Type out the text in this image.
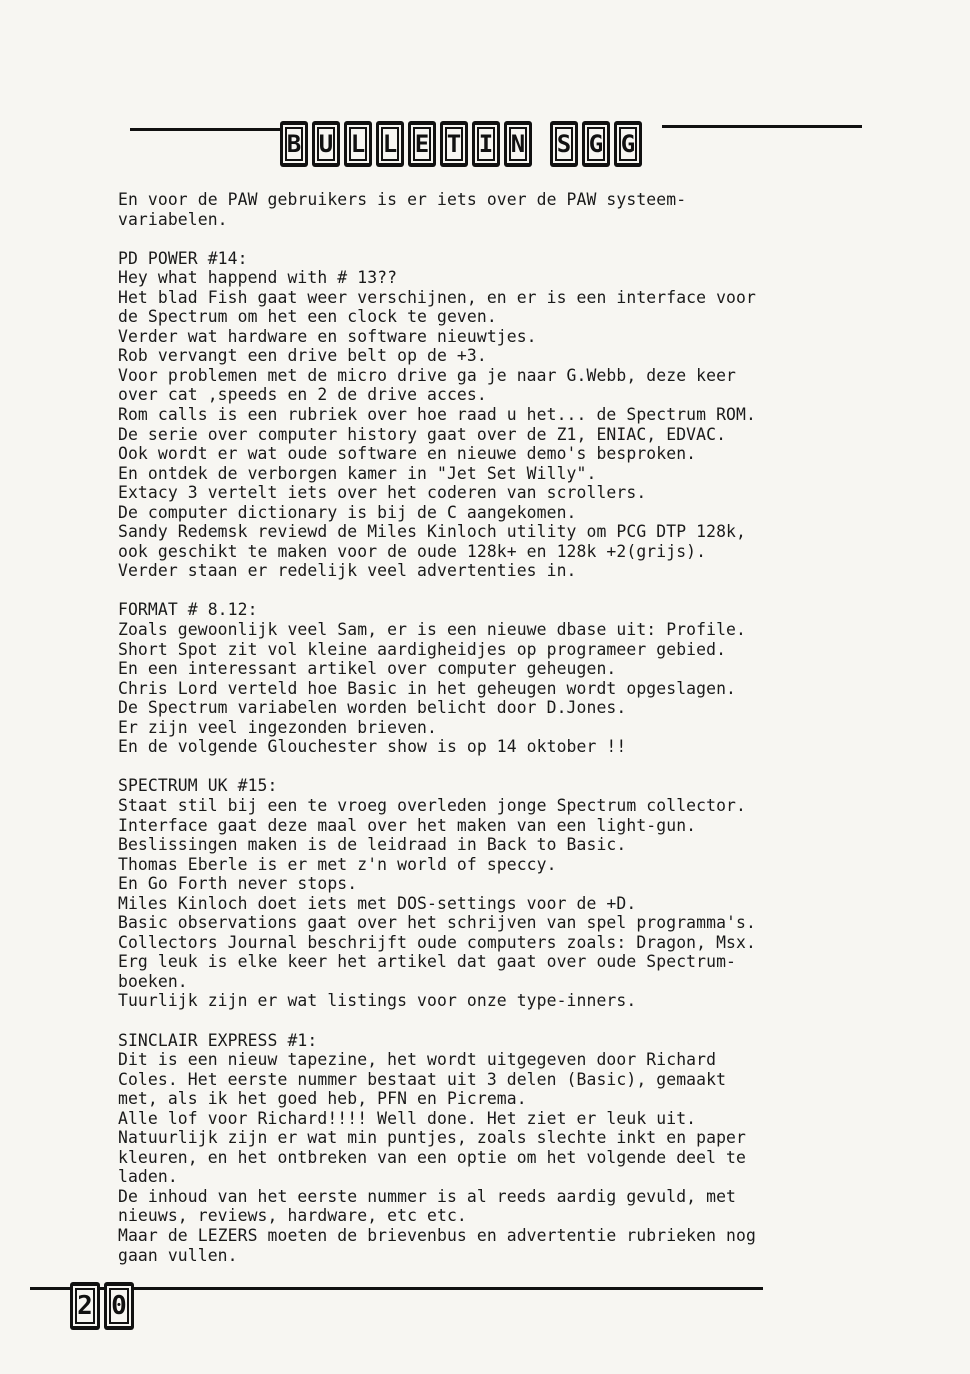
B U L L E T I N S G G

En voor de PAW gebruikers is er iets over de PAW systeem-

variabelen.

PD POWER #14:

Hey what happend with # 13??

Het blad Fish gaat weer verschijnen, en er is een interface voor

de Spectrum om het een clock te geven.

Verder wat hardware en software nieuwtjes.

Rob vervangt een drive belt op de +3.

Voor problemen met de micro drive ga je naar G.Webb, deze keer

over cat ,speeds en 2 de drive acces.

Rom calls is een rubriek over hoe raad u het... de Spectrum ROM.

De serie over computer history gaat over de Z1, ENIAC, EDVAC.

Ook wordt er wat oude software en nieuwe demo's besproken.

En ontdek de verborgen kamer in "Jet Set Willy".

Extacy 3 vertelt iets over het coderen van scrollers.

De computer dictionary is bij de C aangekomen.

Sandy Redemsk reviewd de Miles Kinloch utility om PCG DTP 128k,

ook geschikt te maken voor de oude 128k+ en 128k +2(grijs).

Verder staan er redelijk veel advertenties in.

FORMAT # 8.12:

Zoals gewoonlijk veel Sam, er is een nieuwe dbase uit: Profile.

Short Spot zit vol kleine aardigheidjes op programeer gebied.

En een interessant artikel over computer geheugen.

Chris Lord verteld hoe Basic in het geheugen wordt opgeslagen.

De Spectrum variabelen worden belicht door D.Jones.

Er zijn veel ingezonden brieven.

En de volgende Glouchester show is op 14 oktober !!

SPECTRUM UK #15:

Staat stil bij een te vroeg overleden jonge Spectrum collector.

Interface gaat deze maal over het maken van een light-gun.

Beslissingen maken is de leidraad in Back to Basic.

Thomas Eberle is er met z'n world of speccy.

En Go Forth never stops.

Miles Kinloch doet iets met DOS-settings voor de +D.

Basic observations gaat over het schrijven van spel programma's.

Collectors Journal beschrijft oude computers zoals: Dragon, Msx.

Erg leuk is elke keer het artikel dat gaat over oude Spectrum-

boeken.

Tuurlijk zijn er wat listings voor onze type-inners.

SINCLAIR EXPRESS #1:

Dit is een nieuw tapezine, het wordt uitgegeven door Richard

Coles. Het eerste nummer bestaat uit 3 delen (Basic), gemaakt

met, als ik het goed heb, PFN en Picrema.

Alle lof voor Richard!!!! Well done. Het ziet er leuk uit.

Natuurlijk zijn er wat min puntjes, zoals slechte inkt en paper

kleuren, en het ontbreken van een optie om het volgende deel te

laden.

De inhoud van het eerste nummer is al reeds aardig gevuld, met

nieuws, reviews, hardware, etc etc.

Maar de LEZERS moeten de brievenbus en advertentie rubrieken nog

gaan vullen.

2 0
